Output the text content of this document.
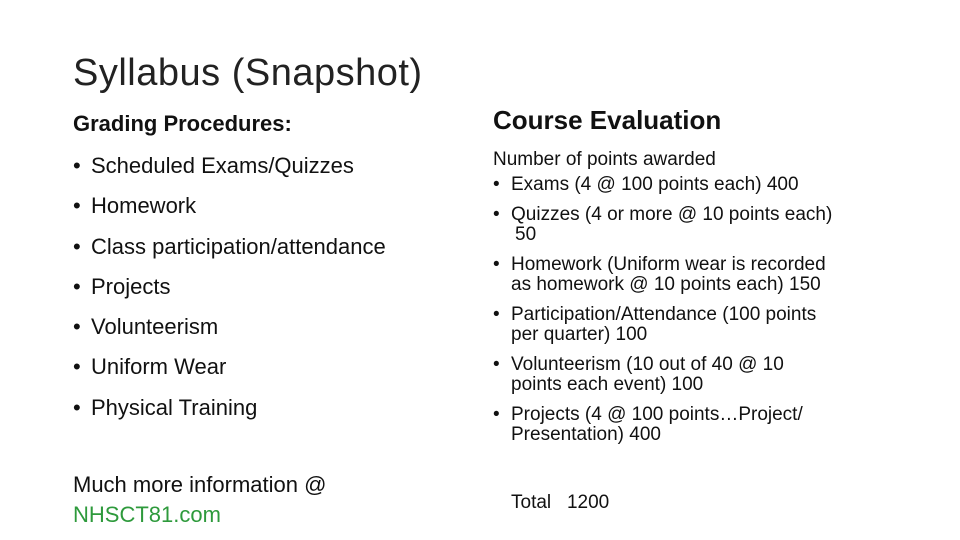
Syllabus (Snapshot)
Grading Procedures:
• Scheduled Exams/Quizzes
• Homework
• Class participation/attendance
• Projects
• Volunteerism
• Uniform Wear
• Physical Training
Much more information @
NHSCT81.com
Course Evaluation
Number of points awarded
• Exams (4 @ 100 points each) 400
• Quizzes (4 or more @ 10 points each)
50
• Homework (Uniform wear is recorded
as homework @ 10 points each) 150
• Participation/Attendance (100 points
per quarter) 100
• Volunteerism (10 out of 40 @ 10
points each event) 100
• Projects (4 @ 100 points…Project/
Presentation) 400
Total   1200
